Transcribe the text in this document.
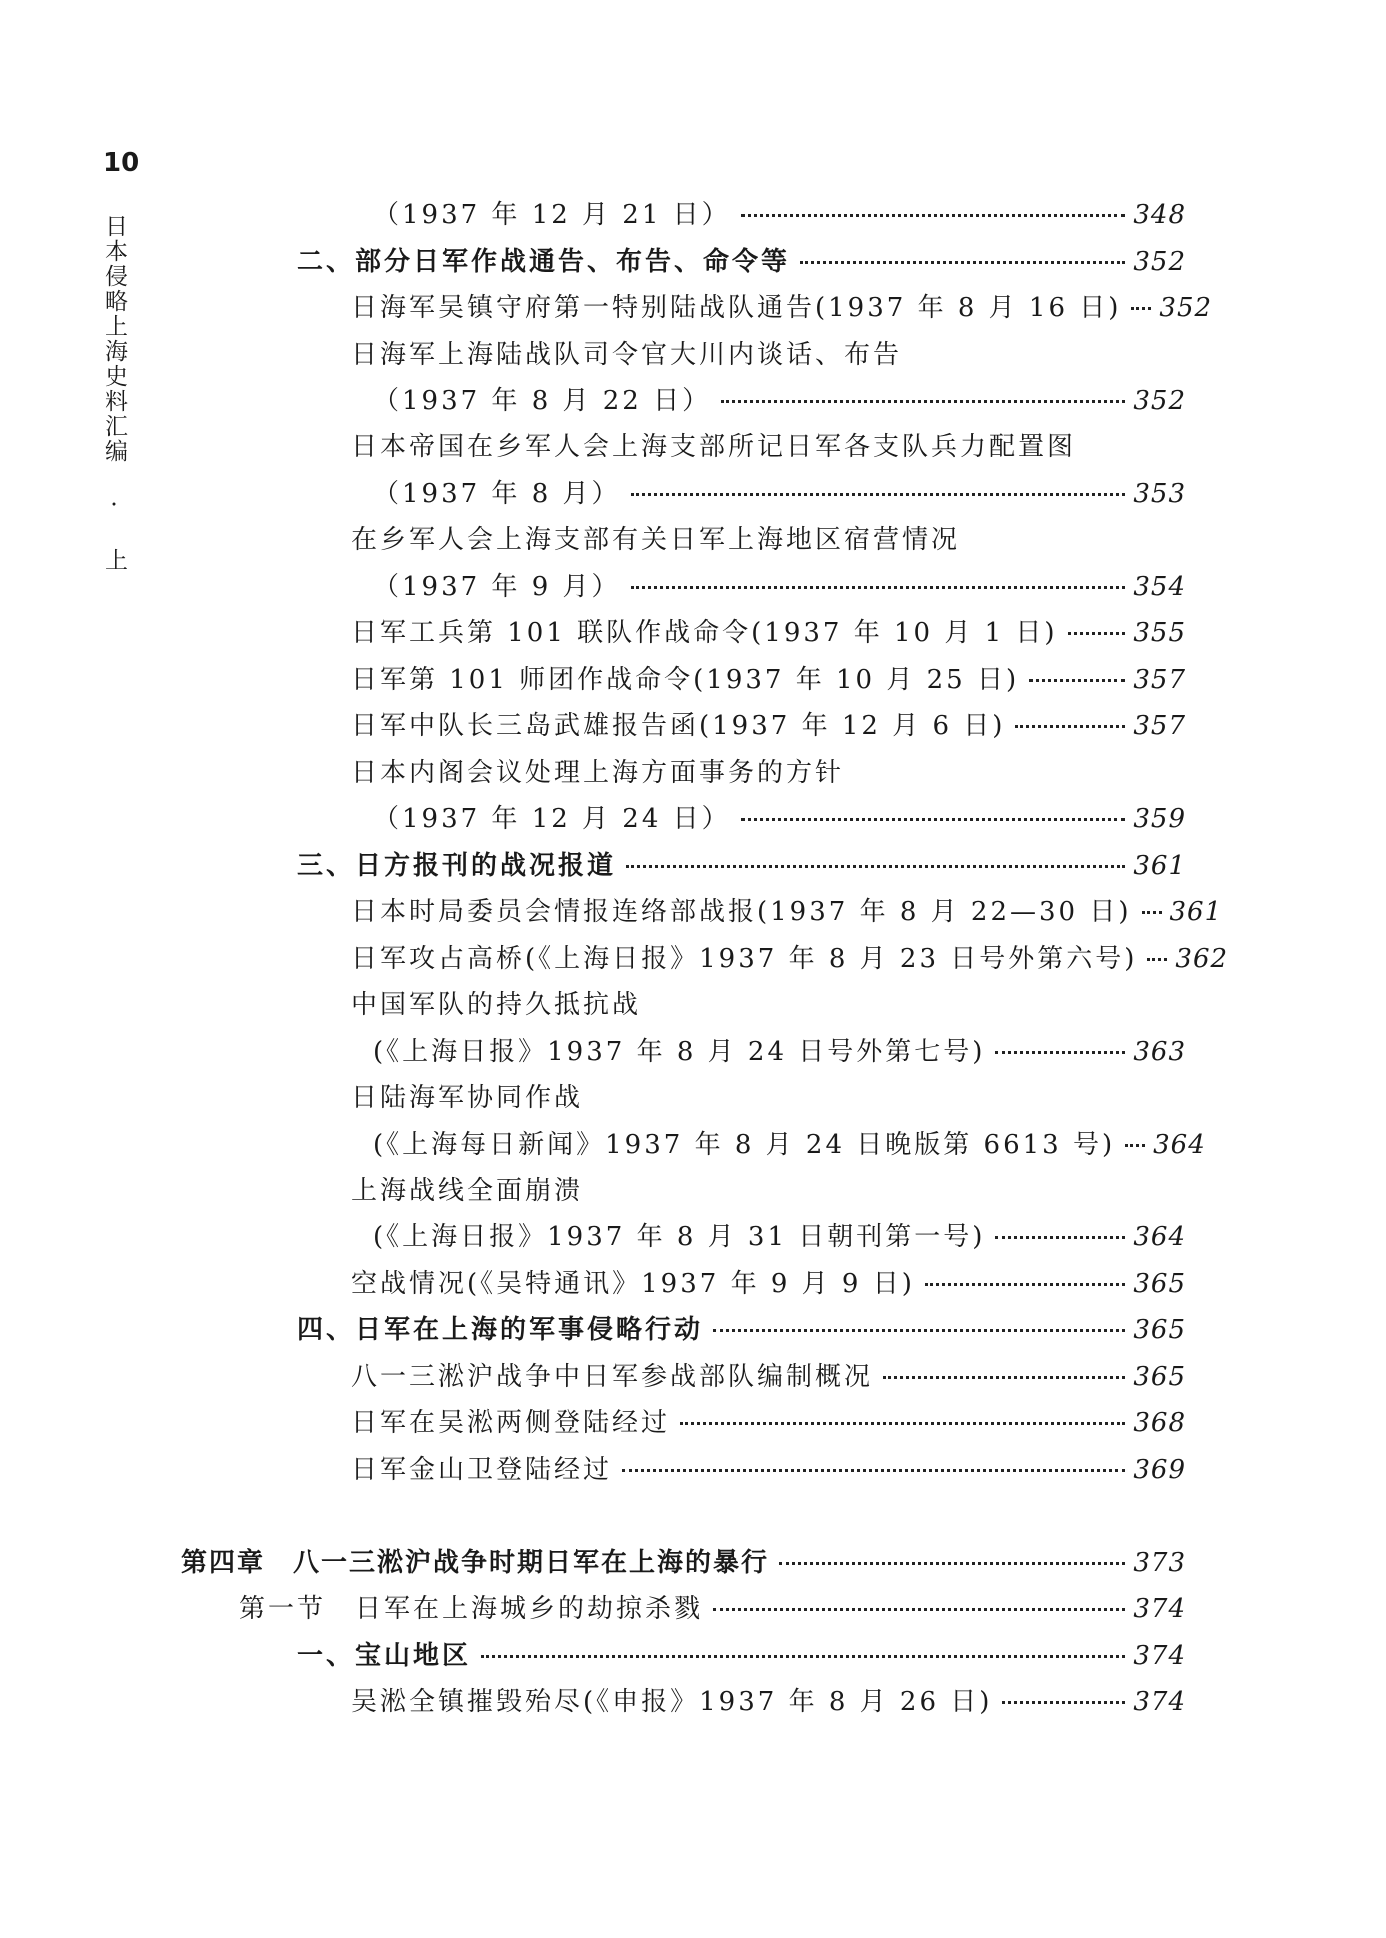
10
日本侵略上海史料汇编 · 上	（1937 年 12 月 21 日）	348
二、部分日军作战通告、布告、命令等	352
日海军吴镇守府第一特别陆战队通告(1937 年 8 月 16 日) 352
日海军上海陆战队司令官大川内谈话、布告
（1937 年 8 月 22 日）	352
日本帝国在乡军人会上海支部所记日军各支队兵力配置图
（1937 年 8 月）	353
在乡军人会上海支部有关日军上海地区宿营情况
（1937 年 9 月）	354
日军工兵第 101 联队作战命令(1937 年 10 月 1 日)	355
日军第 101 师团作战命令(1937 年 10 月 25 日)	357
日军中队长三岛武雄报告函(1937 年 12 月 6 日)	357
日本内阁会议处理上海方面事务的方针
（1937 年 12 月 24 日）	359
三、日方报刊的战况报道	361
日本时局委员会情报连络部战报(1937 年 8 月 22—30 日) 361
日军攻占高桥(《上海日报》1937 年 8 月 23 日号外第六号) 362
中国军队的持久抵抗战
(《上海日报》1937 年 8 月 24 日号外第七号)	363
日陆海军协同作战
(《上海每日新闻》1937 年 8 月 24 日晚版第 6613 号) 364
上海战线全面崩溃
(《上海日报》1937 年 8 月 31 日朝刊第一号)	364
空战情况(《吴特通讯》1937 年 9 月 9 日)	365
四、日军在上海的军事侵略行动	365
八一三淞沪战争中日军参战部队编制概况	365
日军在吴淞两侧登陆经过	368
日军金山卫登陆经过	369
第四章　八一三淞沪战争时期日军在上海的暴行	373
第一节　日军在上海城乡的劫掠杀戮	374
一、宝山地区	374
吴淞全镇摧毁殆尽(《申报》1937 年 8 月 26 日)	374
